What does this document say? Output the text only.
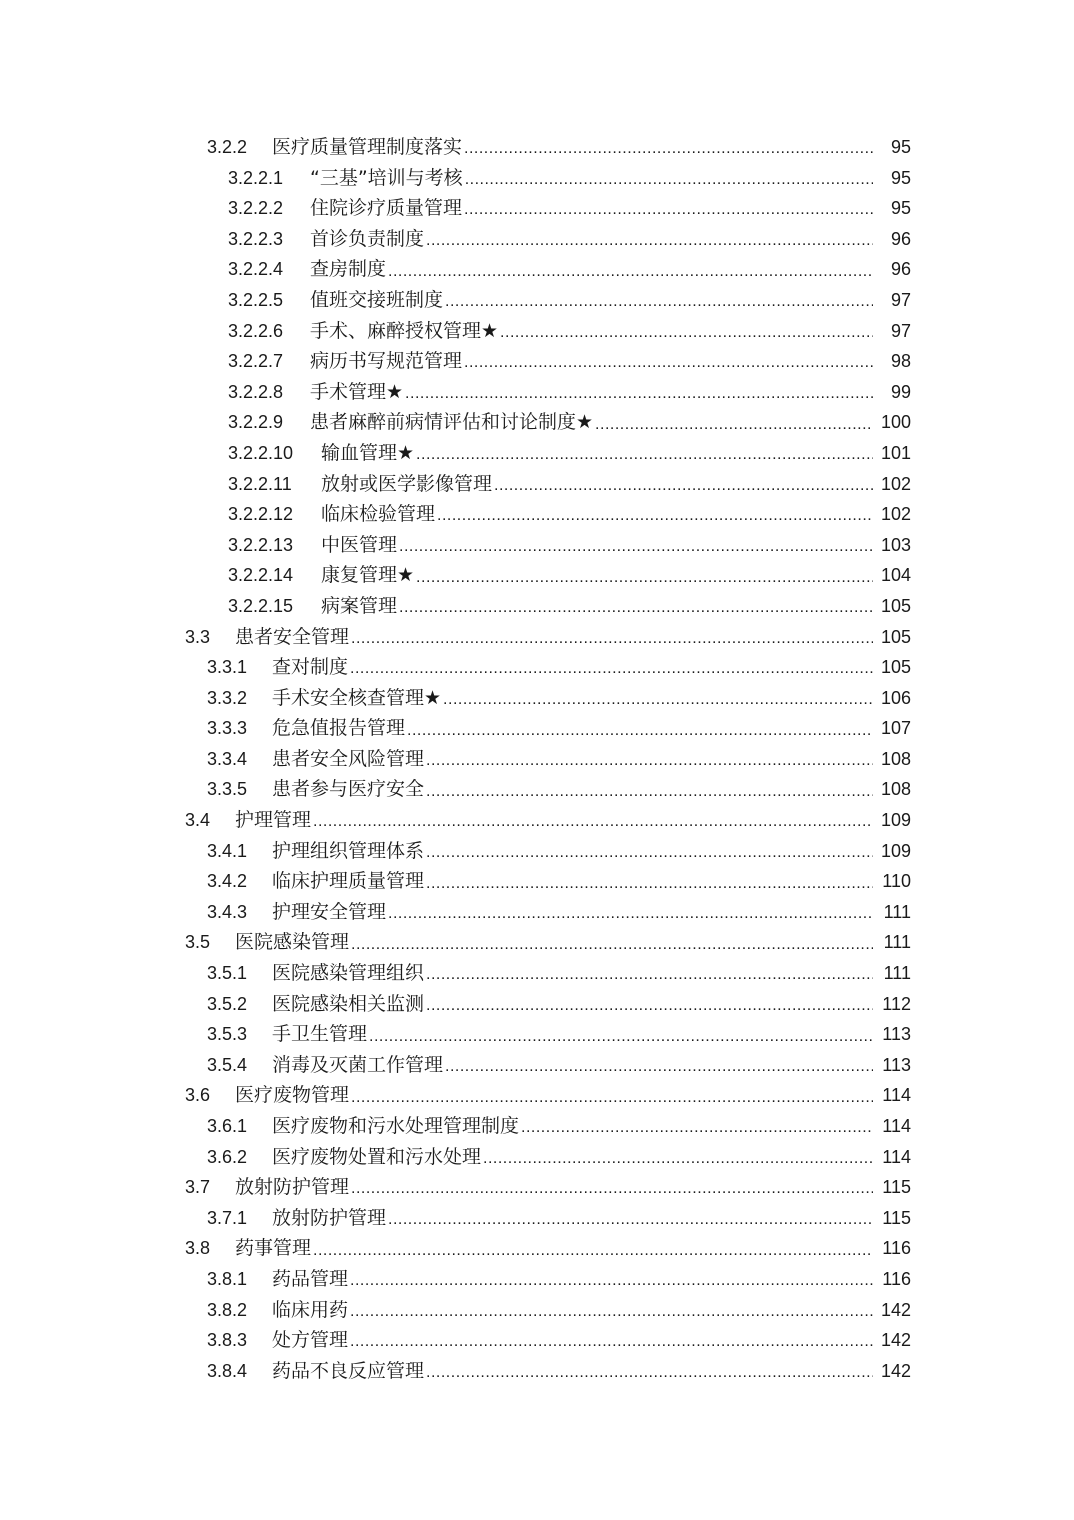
3.2.2	医疗质量管理制度落实 .....	95
3.2.2.1	“三基”培训与考核 .....	95
3.2.2.2	住院诊疗质量管理 .....	95
3.2.2.3	首诊负责制度 .....	96
3.2.2.4	查房制度 .....	96
3.2.2.5	值班交接班制度 .....	97
3.2.2.6	手术、麻醉授权管理★ .....	97
3.2.2.7	病历书写规范管理 .....	98
3.2.2.8	手术管理★ .....	99
3.2.2.9	患者麻醉前病情评估和讨论制度★ .....	100
3.2.2.10	输血管理★ .....	101
3.2.2.11	放射或医学影像管理 .....	102
3.2.2.12	临床检验管理 .....	102
3.2.2.13	中医管理 .....	103
3.2.2.14	康复管理★ .....	104
3.2.2.15	病案管理 .....	105
3.3	患者安全管理 .....	105
3.3.1	查对制度 .....	105
3.3.2	手术安全核查管理★ .....	106
3.3.3	危急值报告管理 .....	107
3.3.4	患者安全风险管理 .....	108
3.3.5	患者参与医疗安全 .....	108
3.4	护理管理 .....	109
3.4.1	护理组织管理体系 .....	109
3.4.2	临床护理质量管理 .....	110
3.4.3	护理安全管理 .....	111
3.5	医院感染管理 .....	111
3.5.1	医院感染管理组织 .....	111
3.5.2	医院感染相关监测 .....	112
3.5.3	手卫生管理 .....	113
3.5.4	消毒及灭菌工作管理 .....	113
3.6	医疗废物管理 .....	114
3.6.1	医疗废物和污水处理管理制度 .....	114
3.6.2	医疗废物处置和污水处理 .....	114
3.7	放射防护管理 .....	115
3.7.1	放射防护管理 .....	115
3.8	药事管理 .....	116
3.8.1	药品管理 .....	116
3.8.2	临床用药 .....	142
3.8.3	处方管理 .....	142
3.8.4	药品不良反应管理 .....	142
